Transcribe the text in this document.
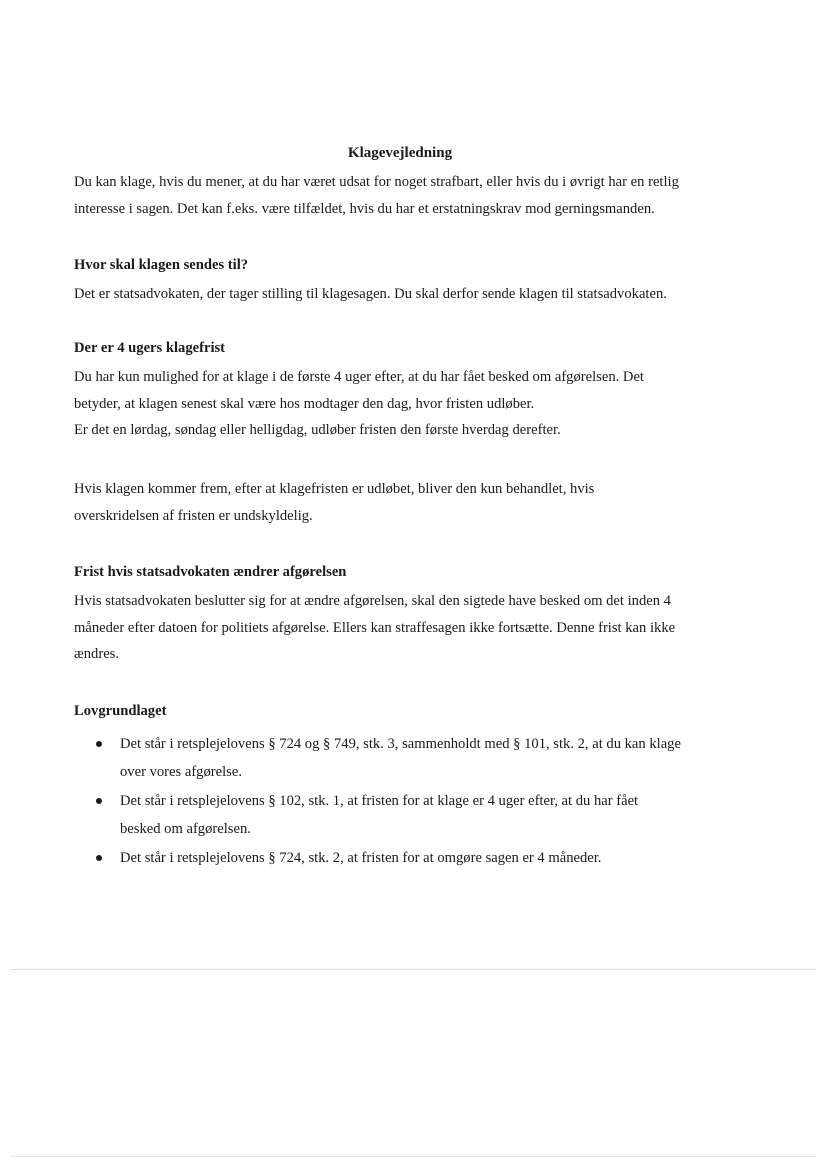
Klagevejledning

Du kan klage, hvis du mener, at du har været udsat for noget strafbart, eller hvis du i øvrigt har en retlig
interesse i sagen. Det kan f.eks. være tilfældet, hvis du har et erstatningskrav mod gerningsmanden.

Hvor skal klagen sendes til?

Det er statsadvokaten, der tager stilling til klagesagen. Du skal derfor sende klagen til statsadvokaten.

Der er 4 ugers klagefrist

Du har kun mulighed for at klage i de første 4 uger efter, at du har fået besked om afgørelsen. Det
betyder, at klagen senest skal være hos modtager den dag, hvor fristen udløber.
Er det en lørdag, søndag eller helligdag, udløber fristen den første hverdag derefter.

Hvis klagen kommer frem, efter at klagefristen er udløbet, bliver den kun behandlet, hvis
overskridelsen af fristen er undskyldelig.

Frist hvis statsadvokaten ændrer afgørelsen

Hvis statsadvokaten beslutter sig for at ændre afgørelsen, skal den sigtede have besked om det inden 4
måneder efter datoen for politiets afgørelse. Ellers kan straffesagen ikke fortsætte. Denne frist kan ikke
ændres.

Lovgrundlaget
Det står i retsplejelovens § 724 og § 749, stk. 3, sammenholdt med § 101, stk. 2, at du kan klage
over vores afgørelse.
Det står i retsplejelovens § 102, stk. 1, at fristen for at klage er 4 uger efter, at du har fået
besked om afgørelsen.
Det står i retsplejelovens § 724, stk. 2, at fristen for at omgøre sagen er 4 måneder.
